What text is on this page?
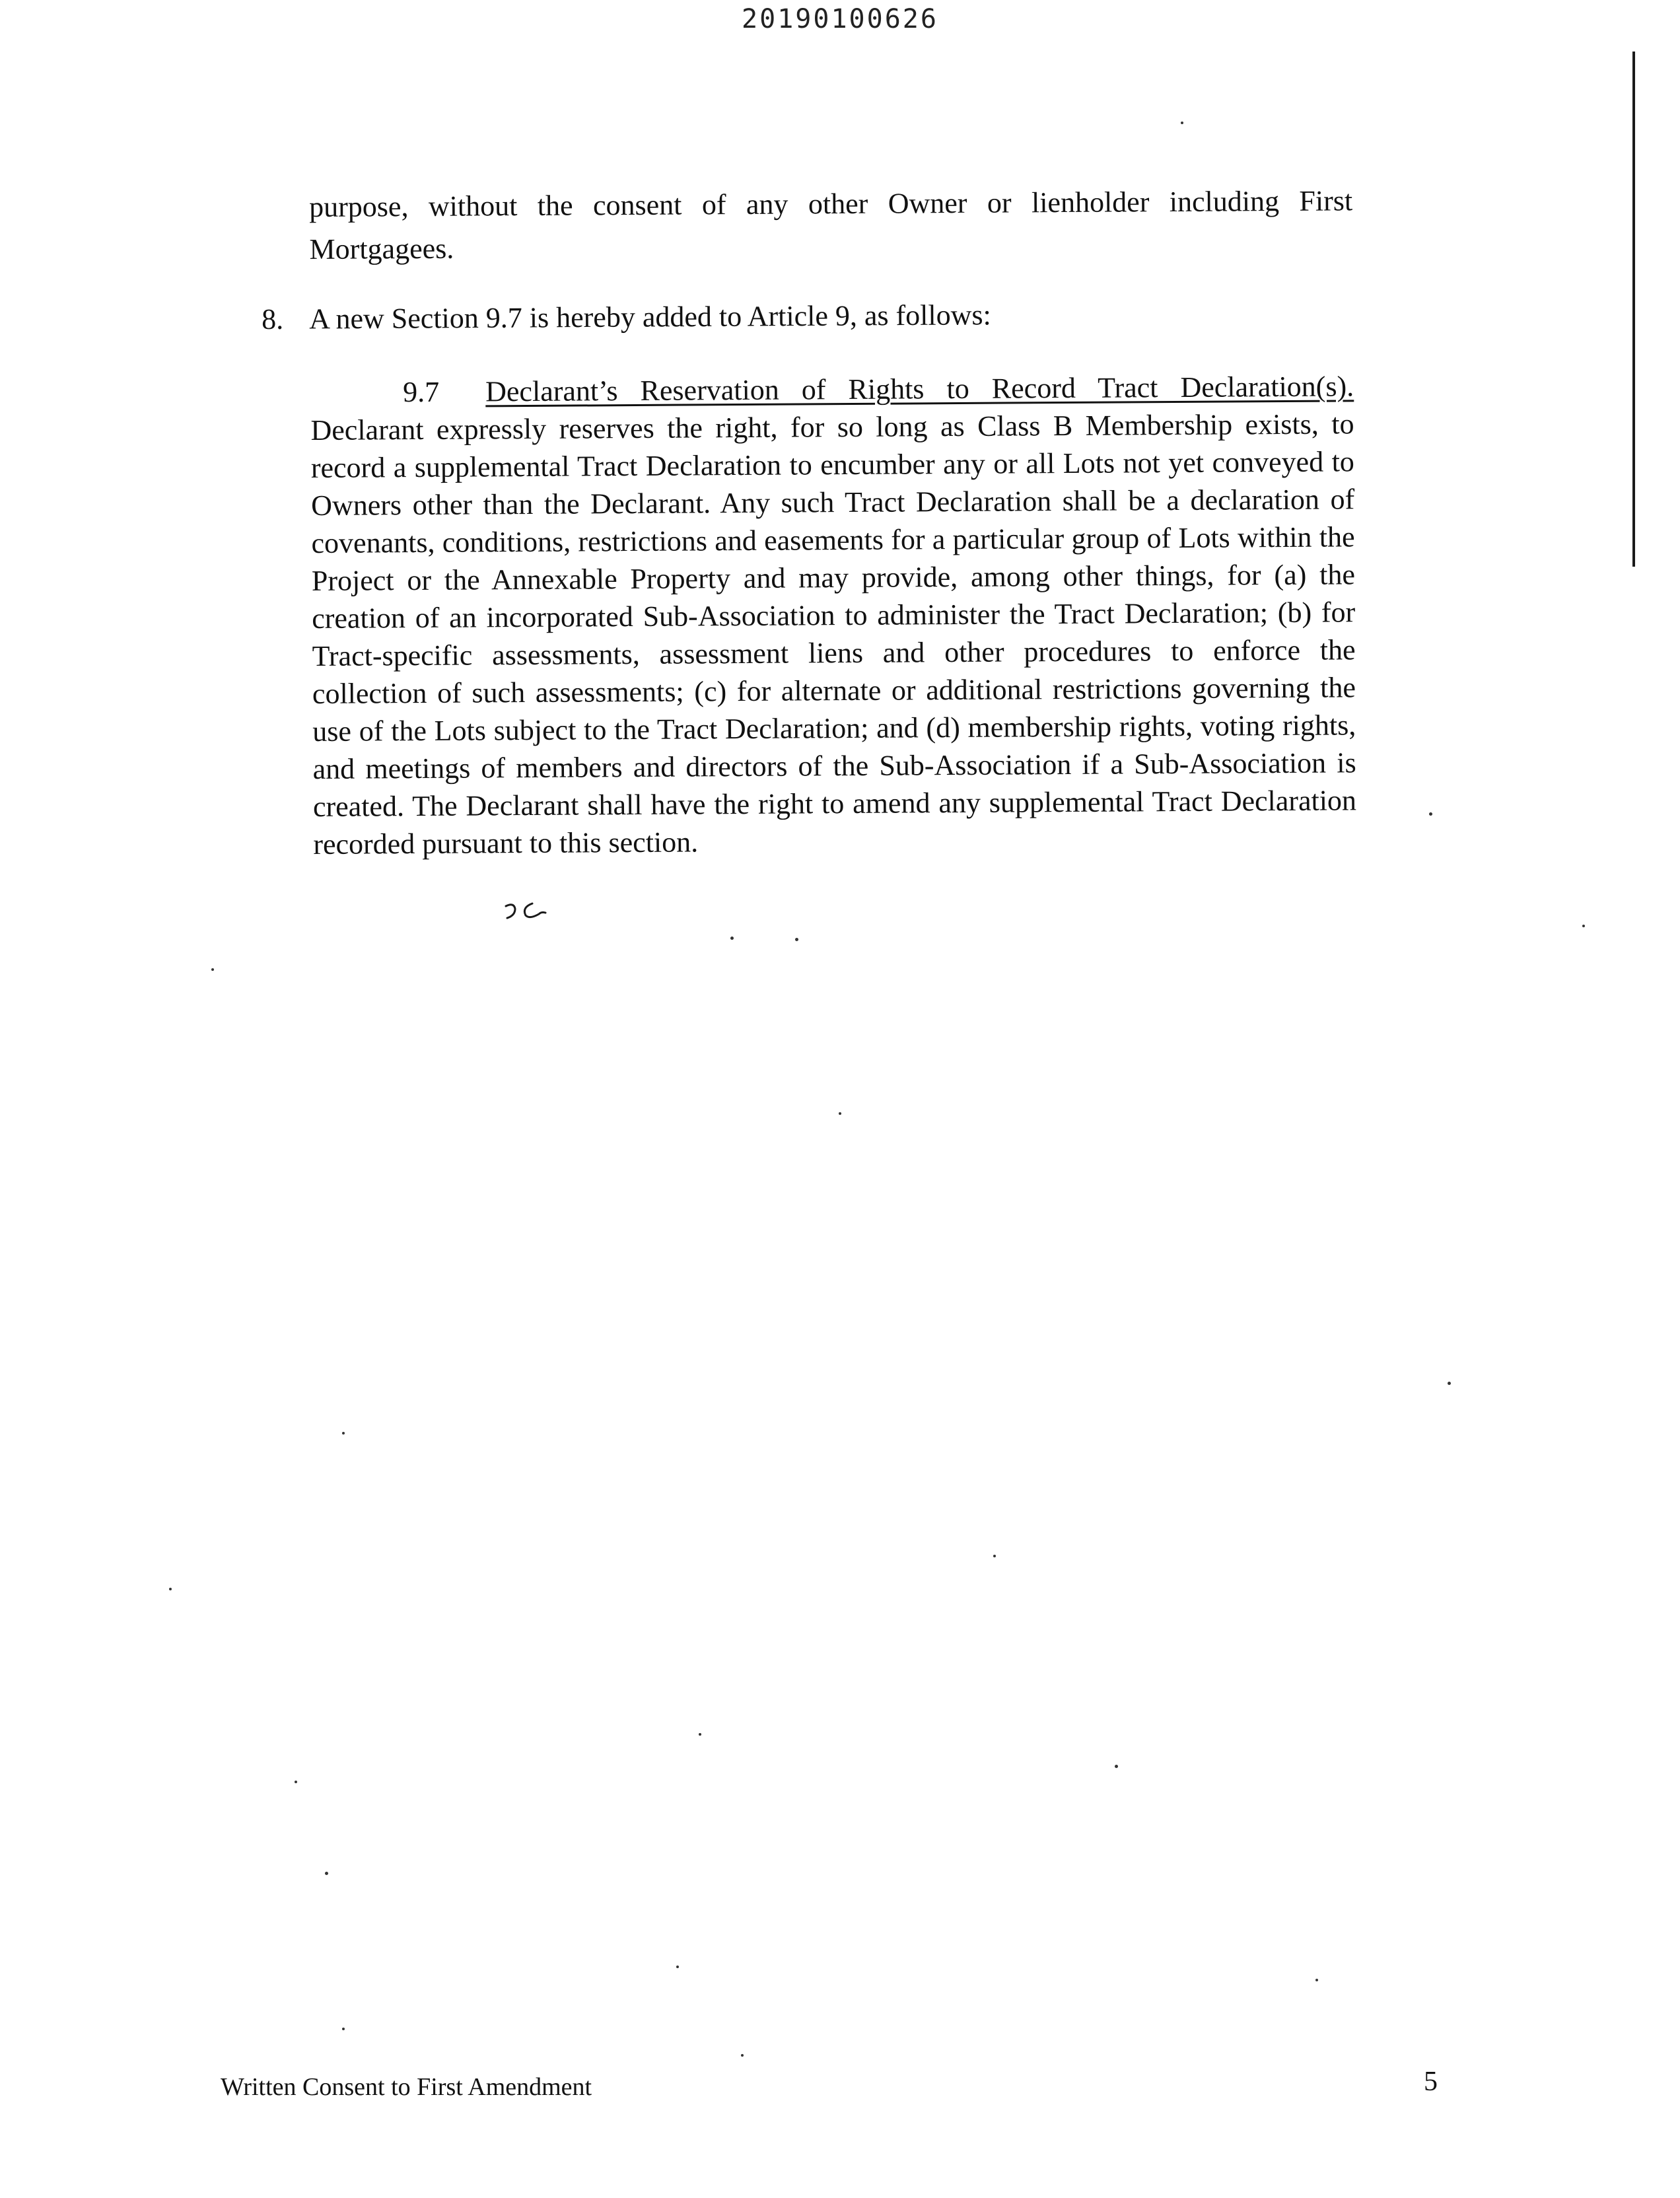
20190100626
purpose, without the consent of any other Owner or lienholder including First Mortgagees.
8. A new Section 9.7 is hereby added to Article 9, as follows:
9.7 Declarant’s Reservation of Rights to Record Tract Declaration(s). Declarant expressly reserves the right, for so long as Class B Membership exists, to record a supplemental Tract Declaration to encumber any or all Lots not yet conveyed to Owners other than the Declarant. Any such Tract Declaration shall be a declaration of covenants, conditions, restrictions and easements for a particular group of Lots within the Project or the Annexable Property and may provide, among other things, for (a) the creation of an incorporated Sub-Association to administer the Tract Declaration; (b) for Tract-specific assessments, assessment liens and other procedures to enforce the collection of such assessments; (c) for alternate or additional restrictions governing the use of the Lots subject to the Tract Declaration; and (d) membership rights, voting rights, and meetings of members and directors of the Sub-Association if a Sub-Association is created. The Declarant shall have the right to amend any supplemental Tract Declaration recorded pursuant to this section.
Written Consent to First Amendment	5
